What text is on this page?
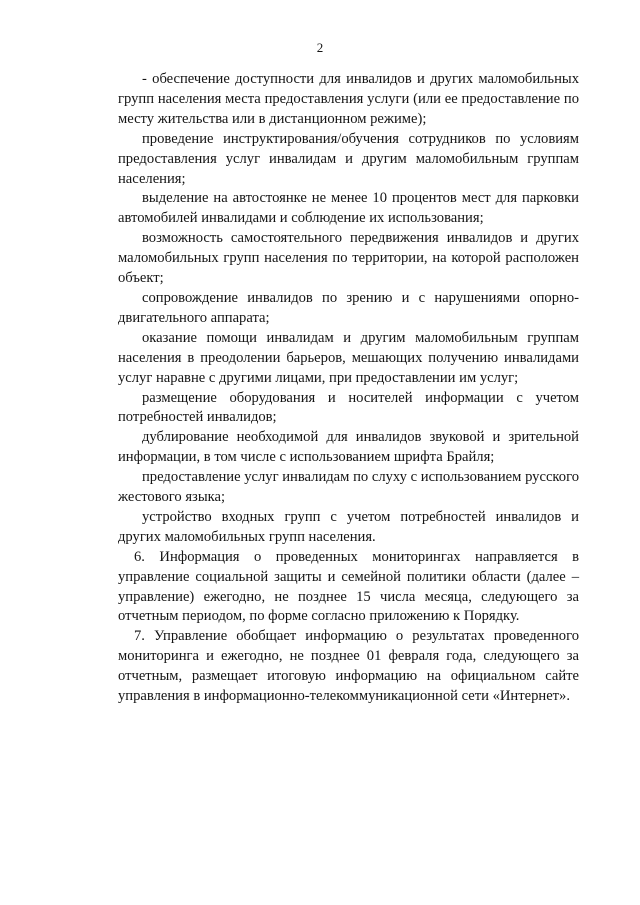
2

- обеспечение доступности для инвалидов и других маломобильных групп населения места предоставления услуги (или ее предоставление по месту жительства или в дистанционном режиме);

проведение инструктирования/обучения сотрудников по условиям предоставления услуг инвалидам и другим маломобильным группам населения;

выделение на автостоянке не менее 10 процентов мест для парковки автомобилей инвалидами и соблюдение их использования;

возможность самостоятельного передвижения инвалидов и других маломобильных групп населения по территории, на которой расположен объект;

сопровождение инвалидов по зрению и с нарушениями опорно-двигательного аппарата;

оказание помощи инвалидам и другим маломобильным группам населения в преодолении барьеров, мешающих получению инвалидами услуг наравне с другими лицами, при предоставлении им услуг;

размещение оборудования и носителей информации с учетом потребностей инвалидов;

дублирование необходимой для инвалидов звуковой и зрительной информации, в том числе с использованием шрифта Брайля;

предоставление услуг инвалидам по слуху с использованием русского жестового языка;

устройство входных групп с учетом потребностей инвалидов и других маломобильных групп населения.

6. Информация о проведенных мониторингах направляется в управление социальной защиты и семейной политики области (далее – управление) ежегодно, не позднее 15 числа месяца, следующего за отчетным периодом, по форме согласно приложению к Порядку.

7. Управление обобщает информацию о результатах проведенного мониторинга и ежегодно, не позднее 01 февраля года, следующего за отчетным, размещает итоговую информацию на официальном сайте управления в информационно-телекоммуникационной сети «Интернет».
